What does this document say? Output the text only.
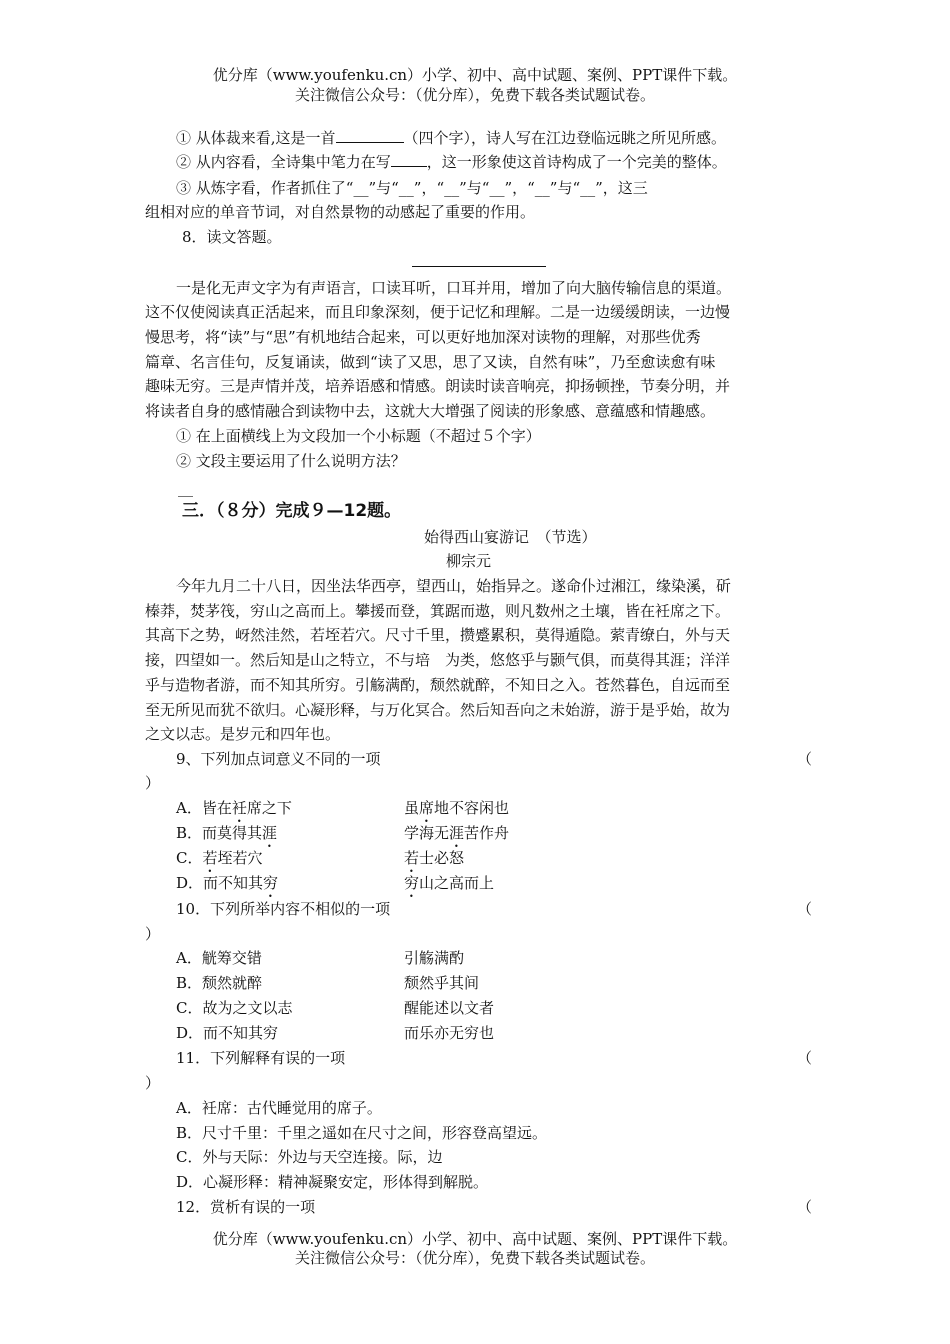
优分库（www.youfenku.cn）小学、初中、高中试题、案例、PPT课件下载。
关注微信公众号：（优分库），免费下载各类试题试卷。
① 从体裁来看,这是一首	（四个字），诗人写在江边登临远眺之所见所感。
② 从内容看，全诗集中笔力在写 ，这一形象使这首诗构成了一个完美的整体。
③ 从炼字看，作者抓住了“__”与“__”，“__”与“__”，“__”与“__”，这三
组相对应的单音节词，对自然景物的动感起了重要的作用。
8．读文答题。
一是化无声文字为有声语言，口读耳听，口耳并用，增加了向大脑传输信息的渠道。
这不仅使阅读真正活起来，而且印象深刻，便于记忆和理解。二是一边缓缓朗读，一边慢
慢思考，将“读”与“思”有机地结合起来，可以更好地加深对读物的理解，对那些优秀
篇章、名言佳句，反复诵读，做到“读了又思，思了又读，自然有味”，乃至愈读愈有味
趣味无穷。三是声情并茂，培养语感和情感。朗读时读音响亮，抑扬顿挫，节奏分明，并
将读者自身的感情融合到读物中去，这就大大增强了阅读的形象感、意蕴感和情趣感。
① 在上面横线上为文段加一个小标题（不超过５个字）
② 文段主要运用了什么说明方法？
__
三．（８分）完成９—12题。
始得西山宴游记　（节选）
柳宗元
今年九月二十八日，因坐法华西亭，望西山，始指异之。遂命仆过湘江，缘染溪，斫
榛莽，焚茅筏，穷山之高而上。攀援而登，箕踞而遨，则凡数州之土壤，皆在衽席之下。
其高下之势，岈然洼然，若垤若穴。尺寸千里，攒蹙累积，莫得遁隐。萦青缭白，外与天
接，四望如一。然后知是山之特立，不与培　为类，悠悠乎与颢气俱，而莫得其涯；洋洋
乎与造物者游，而不知其所穷。引觞满酌，颓然就醉，不知日之入。苍然暮色，自远而至
至无所见而犹不欲归。心凝形释，与万化冥合。然后知吾向之未始游，游于是乎始，故为
之文以志。是岁元和四年也。
9、下列加点词意义不同的一项	（
）
A．皆在衽席之下	虽席地不容闲也
B．而莫得其涯	学海无涯苦作舟
C．若垤若穴	若士必怒
D．而不知其穷	穷山之高而上
10．下列所举内容不相似的一项	（
）
A．觥筹交错	引觞满酌
B．颓然就醉	颓然乎其间
C．故为之文以志	醒能述以文者
D．而不知其穷	而乐亦无穷也
11．下列解释有误的一项	（
）
A．衽席：古代睡觉用的席子。
B．尺寸千里：千里之遥如在尺寸之间，形容登高望远。
C．外与天际：外边与天空连接。际，边
D．心凝形释：精神凝聚安定，形体得到解脱。
12．赏析有误的一项	（
优分库（www.youfenku.cn）小学、初中、高中试题、案例、PPT课件下载。
关注微信公众号：（优分库），免费下载各类试题试卷。
